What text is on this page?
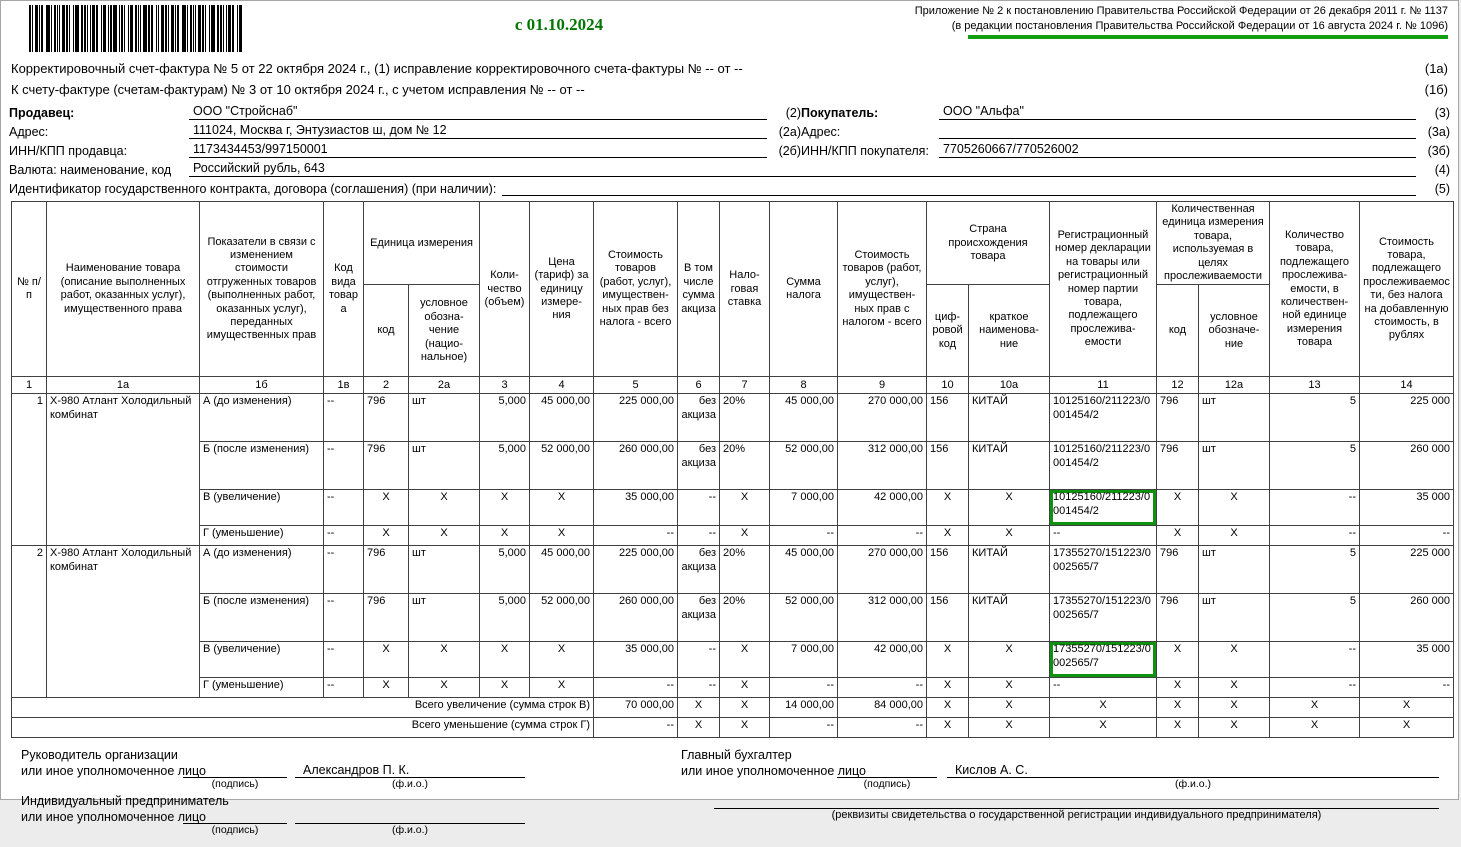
с 01.10.2024
Приложение № 2 к постановлению Правительства Российской Федерации от 26 декабря 2011 г. № 1137
(в редакции постановления Правительства Российской Федерации от 16 августа 2024 г. № 1096)
Корректировочный счет-фактура № 5 от 22 октября 2024 г., (1) исправление корректировочного счета-фактуры № -- от --	(1а)
К счету-фактуре (счетам-фактурам) № 3 от 10 октября 2024 г., с учетом исправления № -- от --	(1б)
Продавец:	ООО "Стройснаб"	(2) Покупатель:	ООО "Альфа"	(3)
Адрес:	111024, Москва г, Энтузиастов ш, дом № 12	(2а) Адрес:	(3а)
ИНН/КПП продавца:	1173434453/997150001	(2б) ИНН/КПП покупателя:	7705260667/770526002	(3б)
Валюта: наименование, код	Российский рубль, 643	(4)
Идентификатор государственного контракта, договора (соглашения) (при наличии):	(5)
№ п/п	Наименование товара (описание выполненных работ, оказанных услуг), имущественного права	Показатели в связи с изменением стоимости отгруженных товаров (выполненных работ, оказанных услуг), переданных имущественных прав	Код вида товара	Единица измерения		Коли-чество (объем)	Цена (тариф) за единицу измере-ния	Стоимость товаров (работ, услуг), имуществен-ных прав без налога - всего	В том числе сумма акциза	Нало-говая ставка	Сумма налога	Стоимость товаров (работ, услуг), имуществен-ных прав с налогом - всего	Страна происхождения товара		Регистрационный номер декларации на товары или регистрационный номер партии товара, подлежащего прослежива-емости	Количественная единица измерения товара, используемая в целях прослеживаемости		Количество товара, подлежащего прослежива-емости, в количествен-ной единице измерения товара	Стоимость товара, подлежащего прослеживаемости, без налога на добавленную стоимость, в рублях
				код	условное обозна-чение (нацио-нальное)								циф-ровой код	краткое наименова-ние		код	условное обозначе-ние		
1	1а	1б	1в	2	2а	3	4	5	6	7	8	9	10	10а	11	12	12а	13	14
1	X-980 Атлант Холодильный комбинат	А (до изменения)	--	796	шт	5,000	45 000,00	225 000,00	без акциза	20%	45 000,00	270 000,00	156	КИТАЙ	10125160/211223/0001454/2	796	шт	5	225 000
		Б (после изменения)	--	796	шт	5,000	52 000,00	260 000,00	без акциза	20%	52 000,00	312 000,00	156	КИТАЙ	10125160/211223/0001454/2	796	шт	5	260 000
		В (увеличение)	--	X	X	X	X	35 000,00	--	X	7 000,00	42 000,00	X	X	10125160/211223/0001454/2	X	X	--	35 000
		Г (уменьшение)	--	X	X	X	X	--	--	X	--	--	X	X	--	X	X	--	--
2	X-980 Атлант Холодильный комбинат	А (до изменения)	--	796	шт	5,000	45 000,00	225 000,00	без акциза	20%	45 000,00	270 000,00	156	КИТАЙ	17355270/151223/0002565/7	796	шт	5	225 000
		Б (после изменения)	--	796	шт	5,000	52 000,00	260 000,00	без акциза	20%	52 000,00	312 000,00	156	КИТАЙ	17355270/151223/0002565/7	796	шт	5	260 000
		В (увеличение)	--	X	X	X	X	35 000,00	--	X	7 000,00	42 000,00	X	X	17355270/151223/0002565/7	X	X	--	35 000
		Г (уменьшение)	--	X	X	X	X	--	--	X	--	--	X	X	--	X	X	--	--
Всего увеличение (сумма строк В)								70 000,00	X	X	14 000,00	84 000,00	X	X	X	X	X	X	X
Всего уменьшение (сумма строк Г)								--	X	X	--	--	X	X	X	X	X	X	X
Руководитель организации
или иное уполномоченное лицо
(подпись)
Александров П. К.
(ф.и.о.)
Индивидуальный предприниматель
или иное уполномоченное лицо
(подпись)	(ф.и.о.)
Главный бухгалтер
или иное уполномоченное лицо
(подпись)
Кислов А. С.
(ф.и.о.)
(реквизиты свидетельства о государственной регистрации индивидуального предпринимателя)
